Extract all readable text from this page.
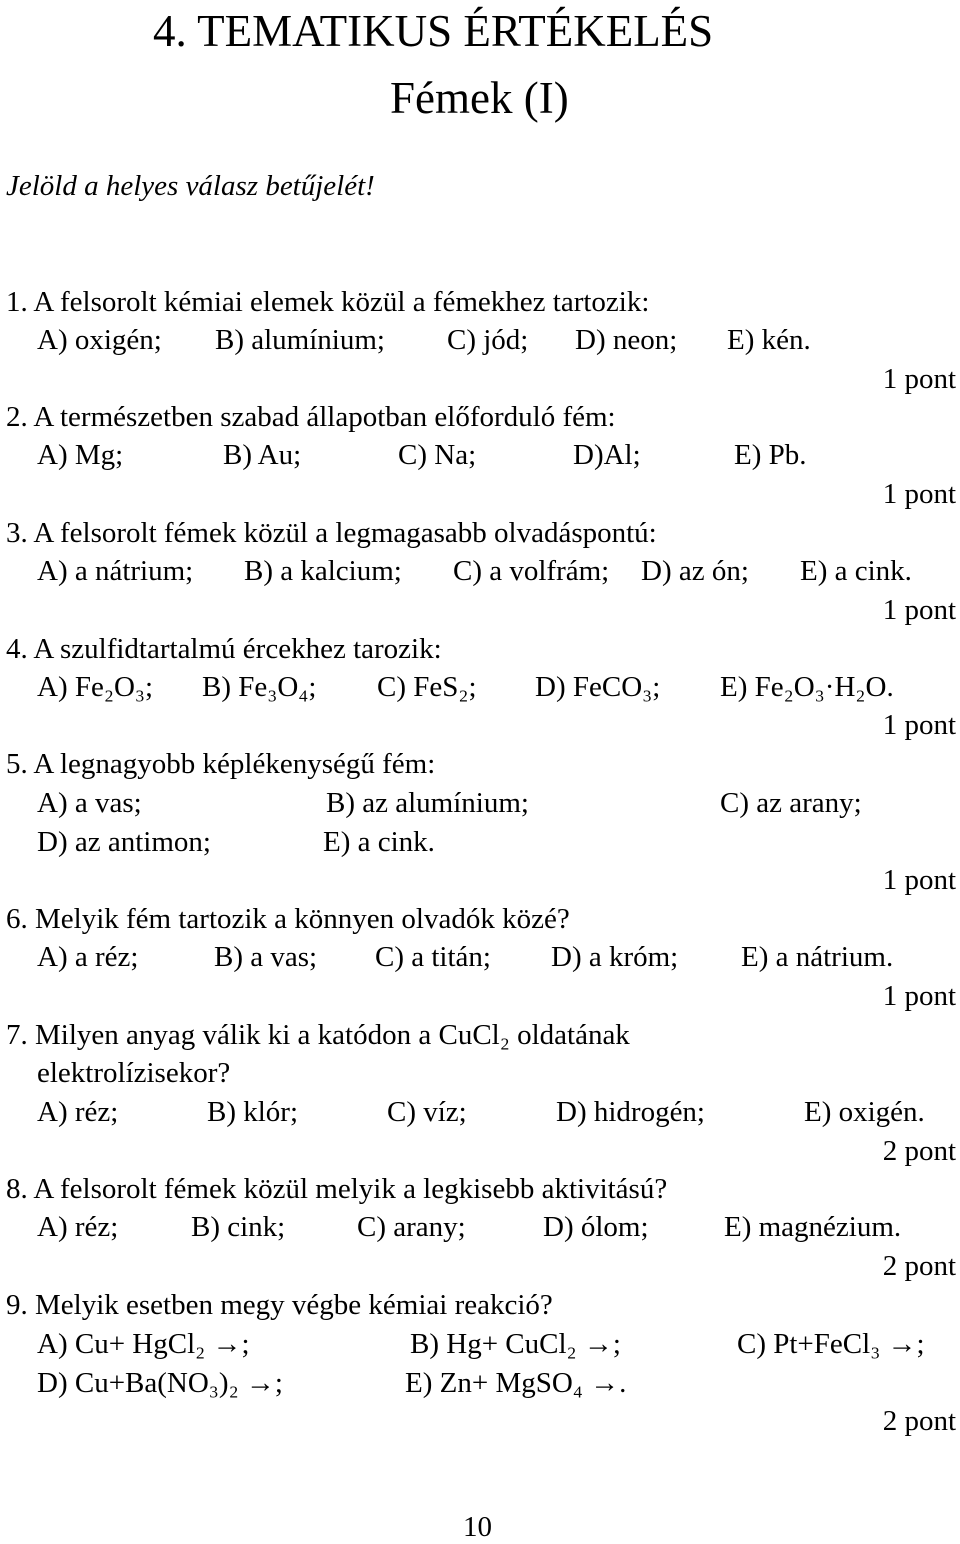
4. TEMATIKUS ÉRTÉKELÉS
Fémek (I)
Jelöld a helyes válasz betűjelét!
1. A felsorolt kémiai elemek közül a fémekhez tartozik:
A) oxigén; B) alumínium; C) jód; D) neon; E) kén.
1 pont
2. A természetben szabad állapotban előforduló fém:
A) Mg;	B) Au;	C) Na;	D)Al;	E) Pb.
1 pont
3. A felsorolt fémek közül a legmagasabb olvadáspontú:
A) a nátrium; B) a kalcium; C) a volfrám; D) az ón; E) a cink.
1 pont
4. A szulfidtartalmú ércekhez tarozik:
A) Fe₂O₃; B) Fe₃O₄; C) FeS₂; D) FeCO₃; E) Fe₂O₃·H₂O.
1 pont
5. A legnagyobb képlékenységű fém:
A) a vas;	B) az alumínium;	C) az arany;
D) az antimon;	E) a cink.
1 pont
6. Melyik fém tartozik a könnyen olvadók közé?
A) a réz;	B) a vas; C) a titán; D) a króm; E) a nátrium.
1 pont
7. Milyen anyag válik ki a katódon a CuCl₂ oldatának
elektrolízisekor?
A) réz;	B) klór;	C) víz;	D) hidrogén;	E) oxigén.
2 pont
8. A felsorolt fémek közül melyik a legkisebb aktivitású?
A) réz;	B) cink; C) arany;	D) ólom;	E) magnézium.
2 pont
9. Melyik esetben megy végbe kémiai reakció?
A) Cu+ HgCl₂ →;	B) Hg+ CuCl₂ →;	C) Pt+FeCl₃ →;
D) Cu+Ba(NO₃)₂ →;	E) Zn+ MgSO₄ →.
2 pont
10
